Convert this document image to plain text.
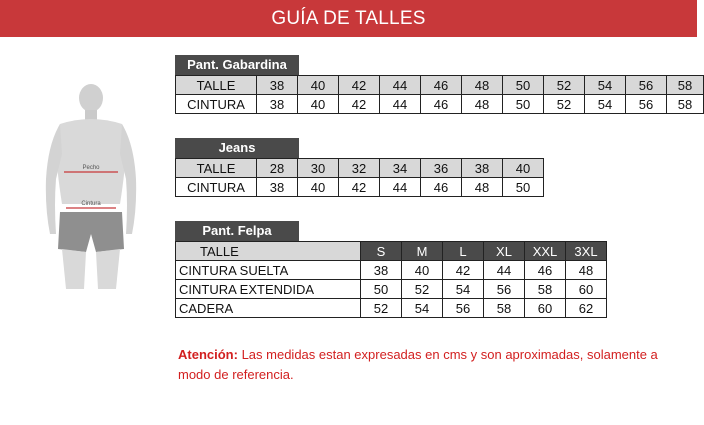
GUÍA DE TALLES
Pecho
Cintura
Pant. Gabardina
TALLE	38	40	42	44	46	48	50	52	54	56	58
CINTURA	38	40	42	44	46	48	50	52	54	56	58
Jeans
TALLE	28	30	32	34	36	38	40
CINTURA	38	40	42	44	46	48	50
Pant. Felpa
TALLE	S	M	L	XL	XXL	3XL
CINTURA SUELTA	38	40	42	44	46	48
CINTURA EXTENDIDA	50	52	54	56	58	60
CADERA	52	54	56	58	60	62
Atención: Las medidas estan expresadas en cms y son aproximadas, solamente a modo de referencia.
